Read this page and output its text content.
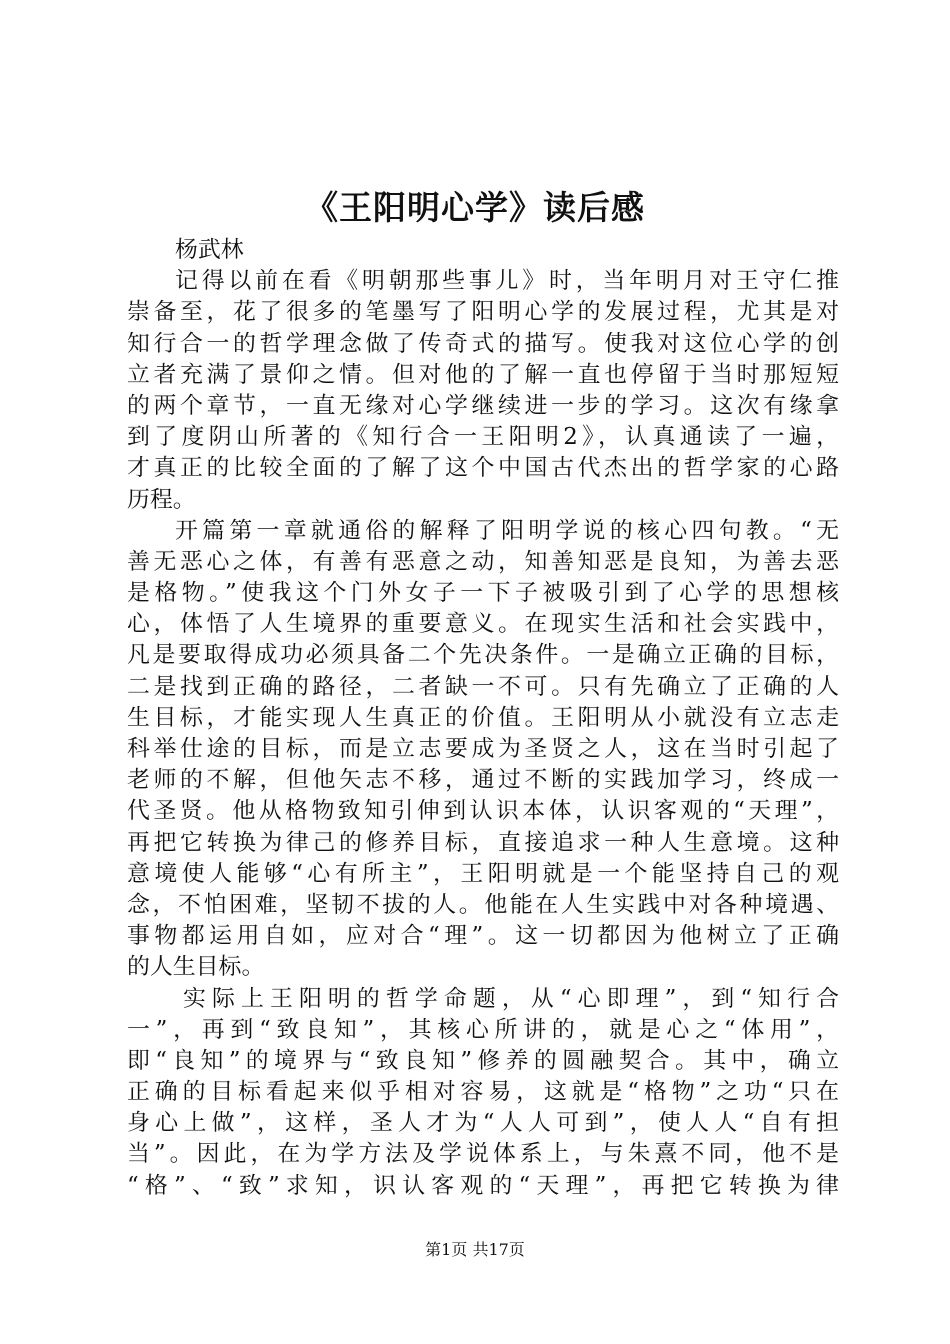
《王阳明心学》读后感
杨武林
记得以前在看《明朝那些事儿》时，当年明月对王守仁推
崇备至，花了很多的笔墨写了阳明心学的发展过程，尤其是对
知行合一的哲学理念做了传奇式的描写。使我对这位心学的创
立者充满了景仰之情。但对他的了解一直也停留于当时那短短
的两个章节，一直无缘对心学继续进一步的学习。这次有缘拿
到了度阴山所著的《知行合一王阳明2》，认真通读了一遍，
才真正的比较全面的了解了这个中国古代杰出的哲学家的心路
历程。
开篇第一章就通俗的解释了阳明学说的核心四句教。“无
善无恶心之体，有善有恶意之动，知善知恶是良知，为善去恶
是格物。”使我这个门外女子一下子被吸引到了心学的思想核
心，体悟了人生境界的重要意义。在现实生活和社会实践中，
凡是要取得成功必须具备二个先决条件。一是确立正确的目标，
二是找到正确的路径，二者缺一不可。只有先确立了正确的人
生目标，才能实现人生真正的价值。王阳明从小就没有立志走
科举仕途的目标，而是立志要成为圣贤之人，这在当时引起了
老师的不解，但他矢志不移，通过不断的实践加学习，终成一
代圣贤。他从格物致知引伸到认识本体，认识客观的“天理”，
再把它转换为律己的修养目标，直接追求一种人生意境。这种
意境使人能够“心有所主”，王阳明就是一个能坚持自己的观
念，不怕困难，坚韧不拔的人。他能在人生实践中对各种境遇、
事物都运用自如，应对合“理”。这一切都因为他树立了正确
的人生目标。
实际上王阳明的哲学命题，从“心即理”，到“知行合
一”，再到“致良知”，其核心所讲的，就是心之“体用”，
即“良知”的境界与“致良知”修养的圆融契合。其中，确立
正确的目标看起来似乎相对容易，这就是“格物”之功“只在
身心上做”，这样，圣人才为“人人可到”，使人人“自有担
当”。因此，在为学方法及学说体系上，与朱熹不同，他不是
“格”、“致”求知，识认客观的“天理”，再把它转换为律
第1页 共17页
